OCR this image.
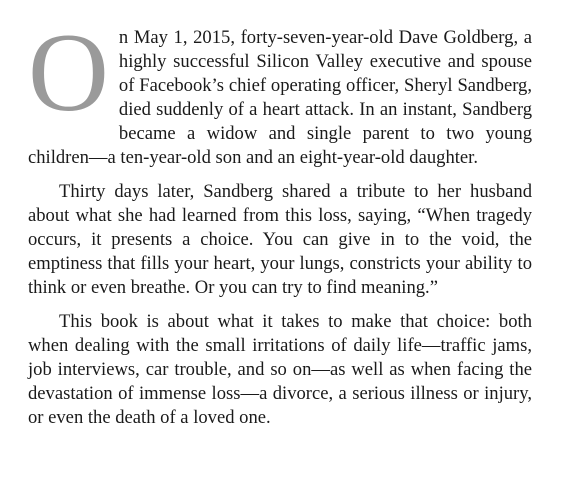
On May 1, 2015, forty-seven-year-old Dave Goldberg, a highly successful Silicon Valley executive and spouse of Facebook’s chief operating officer, Sheryl Sandberg, died suddenly of a heart attack. In an instant, Sandberg became a widow and single parent to two young children—a ten-year-old son and an eight-year-old daughter.

Thirty days later, Sandberg shared a tribute to her husband about what she had learned from this loss, saying, “When tragedy occurs, it presents a choice. You can give in to the void, the emptiness that fills your heart, your lungs, constricts your ability to think or even breathe. Or you can try to find meaning.”

This book is about what it takes to make that choice: both when dealing with the small irritations of daily life—traffic jams, job interviews, car trouble, and so on—as well as when facing the devastation of immense loss—a divorce, a serious illness or injury, or even the death of a loved one.
